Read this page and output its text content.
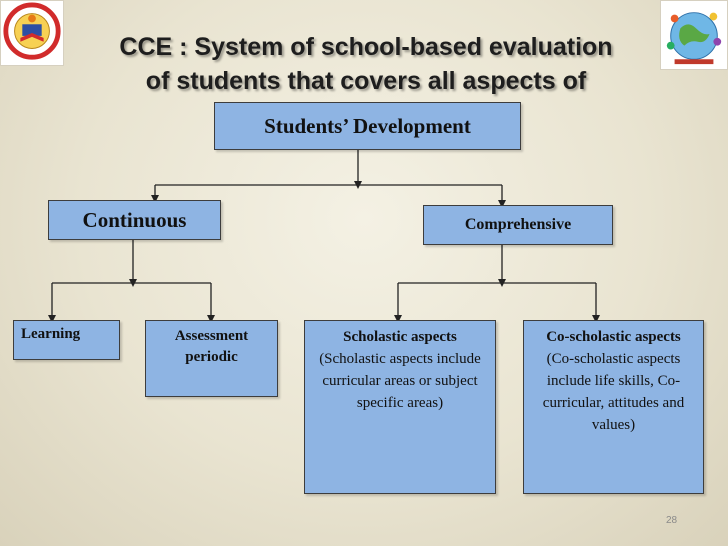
CCE : System of school-based evaluation
of students that covers all aspects of
Students’ Development
Continuous	Comprehensive
Learning	Assessment periodic
Scholastic aspects
(Scholastic aspects include curricular areas or subject specific areas)
Co-scholastic aspects
(Co-scholastic aspects include life skills, Co-curricular, attitudes and values)
28
